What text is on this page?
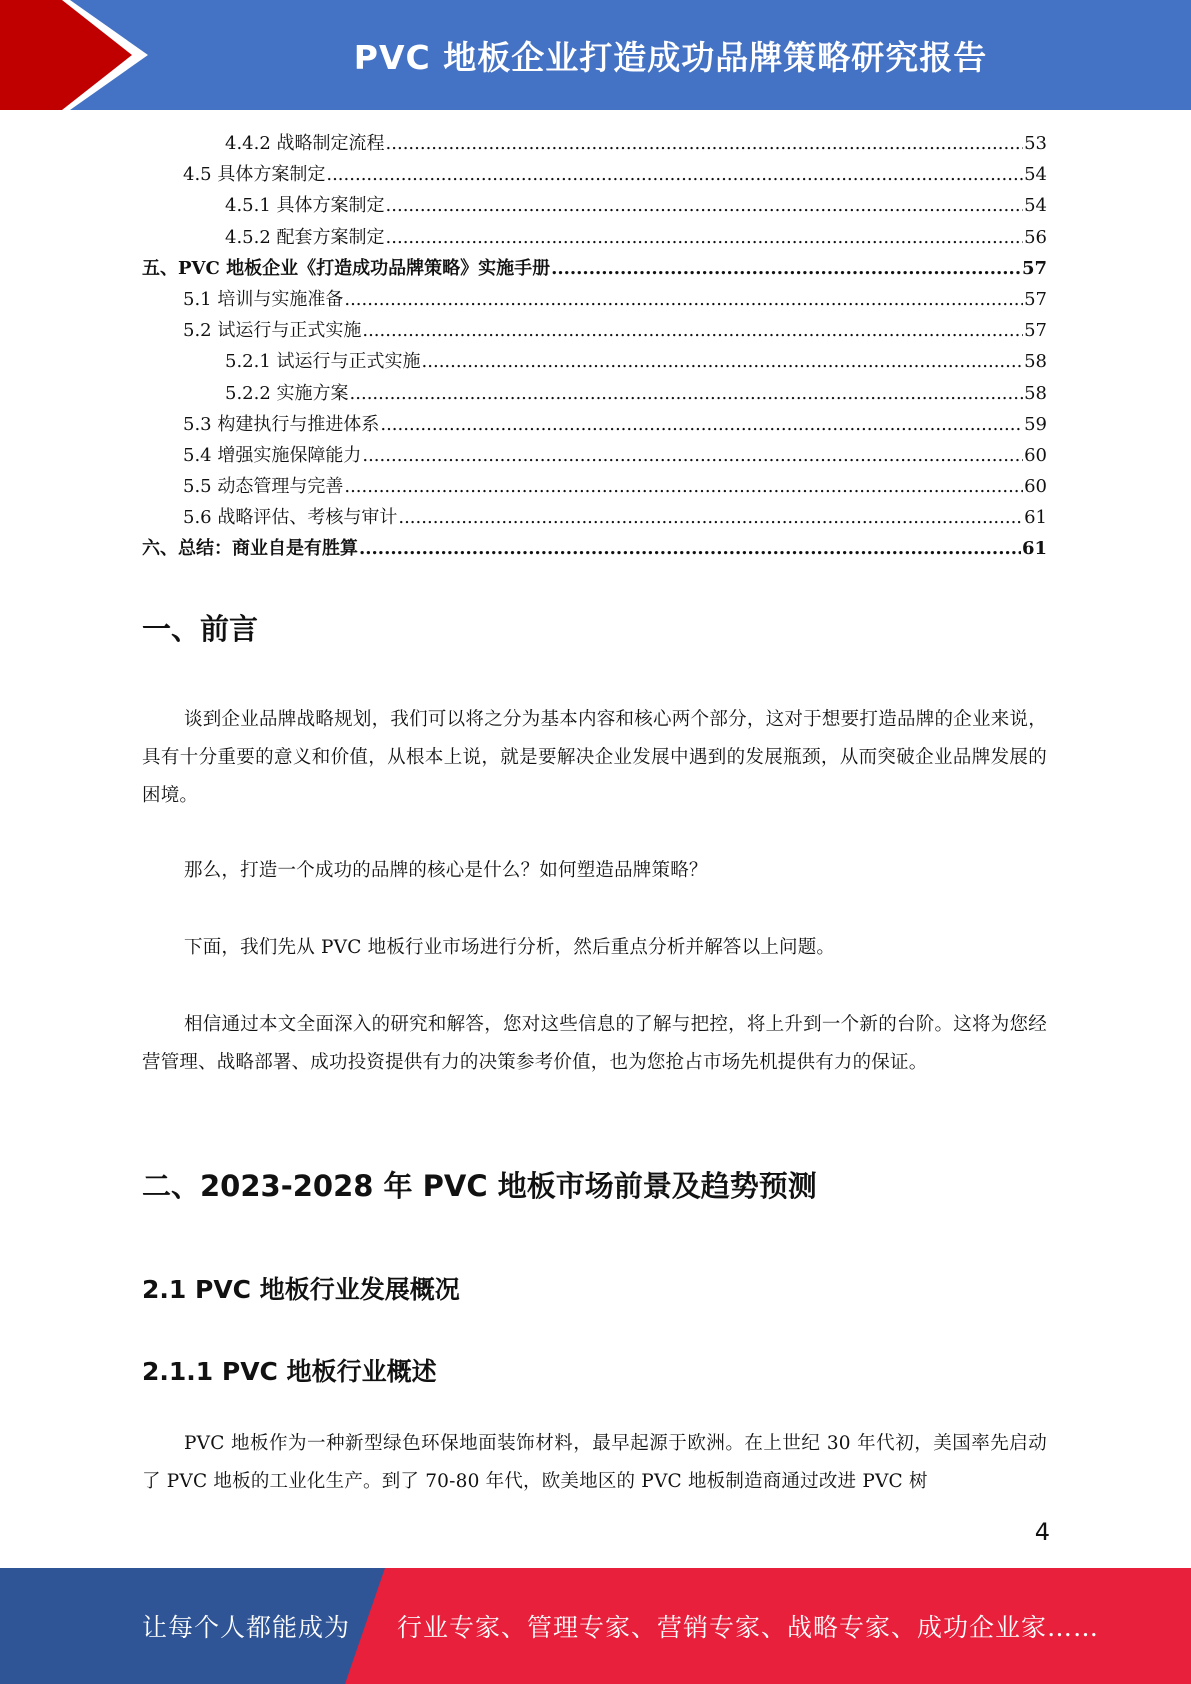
PVC 地板企业打造成功品牌策略研究报告
4.4.2 战略制定流程 .....	53
4.5 具体方案制定 .....	54
4.5.1 具体方案制定 .....	54
4.5.2 配套方案制定 .....	56
五、PVC 地板企业《打造成功品牌策略》实施手册 .....	57
5.1 培训与实施准备 .....	57
5.2 试运行与正式实施 .....	57
5.2.1 试运行与正式实施 .....	58
5.2.2 实施方案 .....	58
5.3 构建执行与推进体系 .....	59
5.4 增强实施保障能力 .....	60
5.5 动态管理与完善 .....	60
5.6 战略评估、考核与审计 .....	61
六、总结：商业自是有胜算 .....	61
一、前言

谈到企业品牌战略规划，我们可以将之分为基本内容和核心两个部分，这对于想要打造品牌的企业来说，具有十分重要的意义和价值，从根本上说，就是要解决企业发展中遇到的发展瓶颈，从而突破企业品牌发展的困境。

那么，打造一个成功的品牌的核心是什么？如何塑造品牌策略？

下面，我们先从 PVC 地板行业市场进行分析，然后重点分析并解答以上问题。

相信通过本文全面深入的研究和解答，您对这些信息的了解与把控，将上升到一个新的台阶。这将为您经营管理、战略部署、成功投资提供有力的决策参考价值，也为您抢占市场先机提供有力的保证。

二、2023-2028 年 PVC 地板市场前景及趋势预测
2.1 PVC 地板行业发展概况
2.1.1 PVC 地板行业概述

PVC 地板作为一种新型绿色环保地面装饰材料，最早起源于欧洲。在上世纪 30 年代初，美国率先启动了 PVC 地板的工业化生产。到了 70-80 年代，欧美地区的 PVC 地板制造商通过改进 PVC 树

4
让每个人都能成为 行业专家、管理专家、营销专家、战略专家、成功企业家……
